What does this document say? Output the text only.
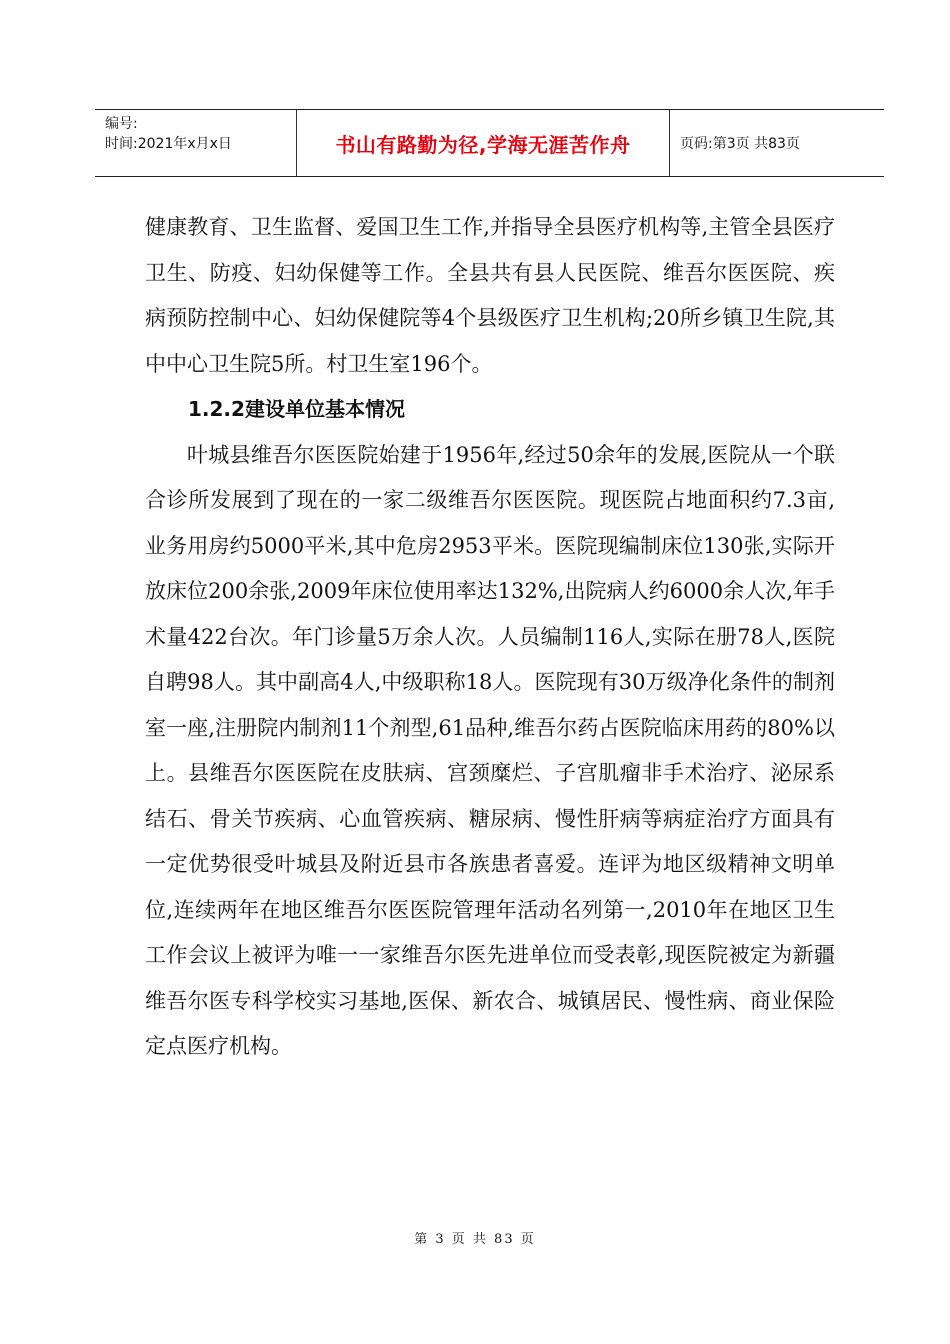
编号:
时间:2021年x月x日	书山有路勤为径,学海无涯苦作舟	页码:第3页 共83页

健康教育、卫生监督、爱国卫生工作,并指导全县医疗机构等,主管全县医疗卫生、防疫、妇幼保健等工作。全县共有县人民医院、维吾尔医医院、疾病预防控制中心、妇幼保健院等4个县级医疗卫生机构;20所乡镇卫生院,其中中心卫生院5所。村卫生室196个。

1.2.2建设单位基本情况

叶城县维吾尔医医院始建于1956年,经过50余年的发展,医院从一个联合诊所发展到了现在的一家二级维吾尔医医院。现医院占地面积约7.3亩,业务用房约5000平米,其中危房2953平米。医院现编制床位130张,实际开放床位200余张,2009年床位使用率达132%,出院病人约6000余人次,年手术量422台次。年门诊量5万余人次。人员编制116人,实际在册78人,医院自聘98人。其中副高4人,中级职称18人。医院现有30万级净化条件的制剂室一座,注册院内制剂11个剂型,61品种,维吾尔药占医院临床用药的80%以上。县维吾尔医医院在皮肤病、宫颈糜烂、子宫肌瘤非手术治疗、泌尿系结石、骨关节疾病、心血管疾病、糖尿病、慢性肝病等病症治疗方面具有一定优势很受叶城县及附近县市各族患者喜爱。连评为地区级精神文明单位,连续两年在地区维吾尔医医院管理年活动名列第一,2010年在地区卫生工作会议上被评为唯一一家维吾尔医先进单位而受表彰,现医院被定为新疆维吾尔医专科学校实习基地,医保、新农合、城镇居民、慢性病、商业保险定点医疗机构。

第 3 页 共 83 页
